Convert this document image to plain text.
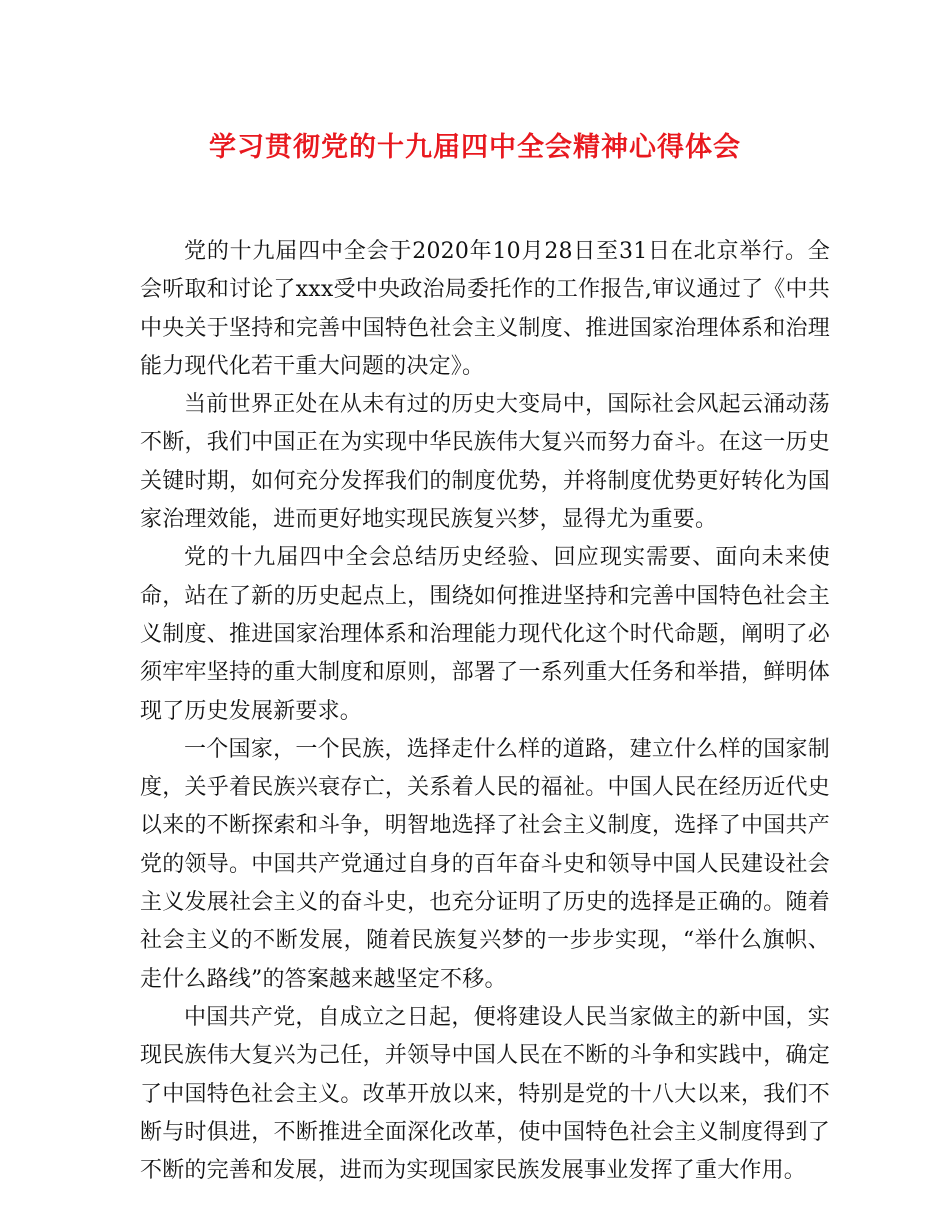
学习贯彻党的十九届四中全会精神心得体会

党的十九届四中全会于2020年10月28日至31日在北京举行。全会听取和讨论了xxx受中央政治局委托作的工作报告,审议通过了《中共中央关于坚持和完善中国特色社会主义制度、推进国家治理体系和治理能力现代化若干重大问题的决定》。

当前世界正处在从未有过的历史大变局中，国际社会风起云涌动荡不断，我们中国正在为实现中华民族伟大复兴而努力奋斗。在这一历史关键时期，如何充分发挥我们的制度优势，并将制度优势更好转化为国家治理效能，进而更好地实现民族复兴梦，显得尤为重要。

党的十九届四中全会总结历史经验、回应现实需要、面向未来使命，站在了新的历史起点上，围绕如何推进坚持和完善中国特色社会主义制度、推进国家治理体系和治理能力现代化这个时代命题，阐明了必须牢牢坚持的重大制度和原则，部署了一系列重大任务和举措，鲜明体现了历史发展新要求。

一个国家，一个民族，选择走什么样的道路，建立什么样的国家制度，关乎着民族兴衰存亡，关系着人民的福祉。中国人民在经历近代史以来的不断探索和斗争，明智地选择了社会主义制度，选择了中国共产党的领导。中国共产党通过自身的百年奋斗史和领导中国人民建设社会主义发展社会主义的奋斗史，也充分证明了历史的选择是正确的。随着社会主义的不断发展，随着民族复兴梦的一步步实现，“举什么旗帜、走什么路线”的答案越来越坚定不移。

中国共产党，自成立之日起，便将建设人民当家做主的新中国，实现民族伟大复兴为己任，并领导中国人民在不断的斗争和实践中，确定了中国特色社会主义。改革开放以来，特别是党的十八大以来，我们不断与时俱进，不断推进全面深化改革，使中国特色社会主义制度得到了不断的完善和发展，进而为实现国家民族发展事业发挥了重大作用。
